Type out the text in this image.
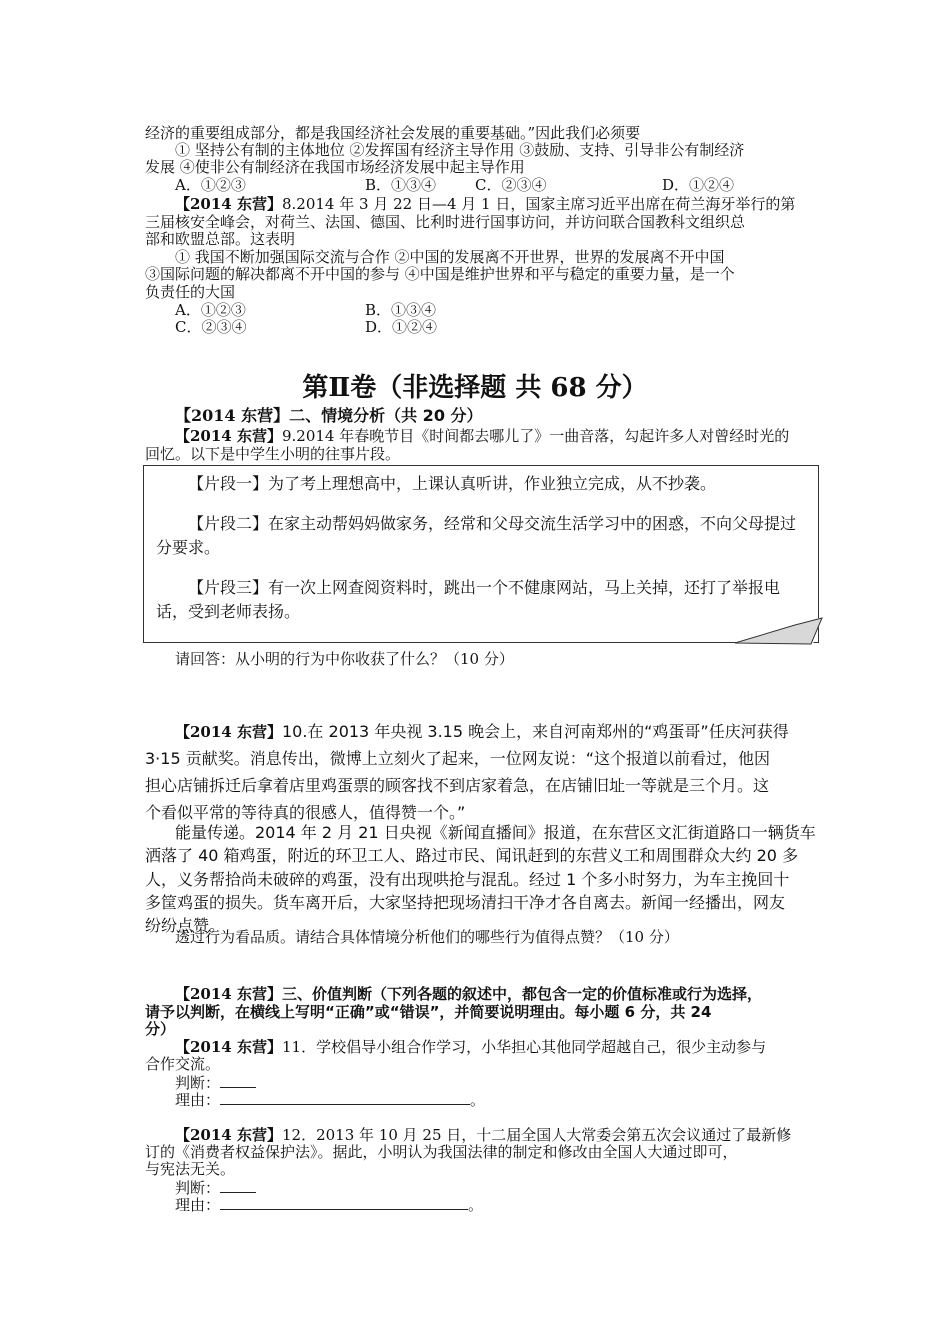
经济的重要组成部分，都是我国经济社会发展的重要基础。”因此我们必须要
① 坚持公有制的主体地位 ②发挥国有经济主导作用 ③鼓励、支持、引导非公有制经济
发展 ④使非公有制经济在我国市场经济发展中起主导作用
A．①②③	B．①③④	C．②③④	D．①②④
【2014 东营】8.2014 年 3 月 22 日—4 月 1 日，国家主席习近平出席在荷兰海牙举行的第
三届核安全峰会，对荷兰、法国、德国、比利时进行国事访问，并访问联合国教科文组织总
部和欧盟总部。这表明
① 我国不断加强国际交流与合作 ②中国的发展离不开世界，世界的发展离不开中国
③国际问题的解决都离不开中国的参与 ④中国是维护世界和平与稳定的重要力量，是一个
负责任的大国
A．①②③	B．①③④
C．②③④	D．①②④
第Ⅱ卷（非选择题 共 68 分）
【2014 东营】二、情境分析（共 20 分）
【2014 东营】9.2014 年春晚节目《时间都去哪儿了》一曲音落，勾起许多人对曾经时光的
回忆。以下是中学生小明的往事片段。

【片段一】为了考上理想高中，上课认真听讲，作业独立完成，从不抄袭。

【片段二】在家主动帮妈妈做家务，经常和父母交流生活学习中的困惑，不向父母提过分要求。

【片段三】有一次上网查阅资料时，跳出一个不健康网站，马上关掉，还打了举报电话，受到老师表扬。

请回答：从小明的行为中你收获了什么？（10 分）
【2014 东营】10.在 2013 年央视 3.15 晚会上，来自河南郑州的“鸡蛋哥”任庆河获得
3·15 贡献奖。消息传出，微博上立刻火了起来，一位网友说：“这个报道以前看过，他因
担心店铺拆迁后拿着店里鸡蛋票的顾客找不到店家着急，在店铺旧址一等就是三个月。这
个看似平常的等待真的很感人，值得赞一个。”
能量传递。2014 年 2 月 21 日央视《新闻直播间》报道，在东营区文汇街道路口一辆货车
洒落了 40 箱鸡蛋，附近的环卫工人、路过市民、闻讯赶到的东营义工和周围群众大约 20 多
人，义务帮拾尚未破碎的鸡蛋，没有出现哄抢与混乱。经过 1 个多小时努力，为车主挽回十
多筐鸡蛋的损失。货车离开后，大家坚持把现场清扫干净才各自离去。新闻一经播出，网友
纷纷点赞。
透过行为看品质。请结合具体情境分析他们的哪些行为值得点赞？（10 分）
【2014 东营】三、价值判断（下列各题的叙述中，都包含一定的价值标准或行为选择，
请予以判断，在横线上写明“正确”或“错误”，并简要说明理由。每小题 6 分，共 24
分）
【2014 东营】11．学校倡导小组合作学习，小华担心其他同学超越自己，很少主动参与
合作交流。
判断：
理由：	。
【2014 东营】12．2013 年 10 月 25 日，十二届全国人大常委会第五次会议通过了最新修
订的《消费者权益保护法》。据此，小明认为我国法律的制定和修改由全国人大通过即可，
与宪法无关。
判断：
理由：	。
